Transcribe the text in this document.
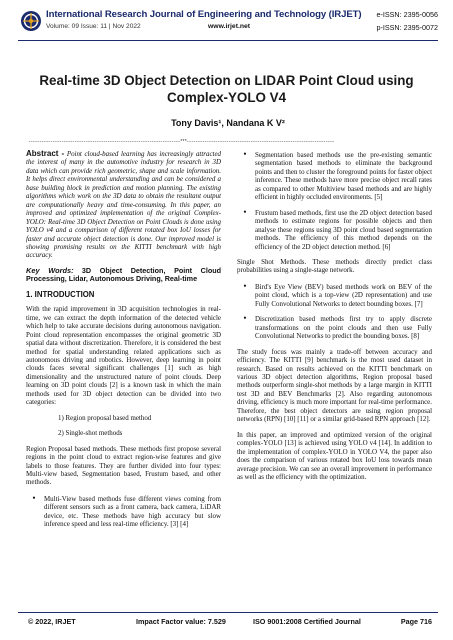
International Research Journal of Engineering and Technology (IRJET) e-ISSN: 2395-0056
Volume: 09 Issue: 11 | Nov 2022	www.irjet.net	p-ISSN: 2395-0072
Real-time 3D Object Detection on LIDAR Point Cloud using Complex-YOLO V4
Tony Davis¹, Nandana K V²
---------------------------------------------------------------------***-------------------------------------------------------------------

Abstract - Point cloud-based learning has increasingly attracted the interest of many in the automotive industry for research in 3D data which can provide rich geometric, shape and scale information. It helps direct environmental understanding and can be considered a base building block in prediction and motion planning. The existing algorithms which work on the 3D data to obtain the resultant output are computationally heavy and time-consuming. In this paper, an improved and optimized implementation of the original Complex-YOLO: Real-time 3D Object Detection on Point Clouds is done using YOLO v4 and a comparison of different rotated box IoU losses for faster and accurate object detection is done. Our improved model is showing promising results on the KITTI benchmark with high accuracy.

Key Words: 3D Object Detection, Point Cloud Processing, Lidar, Autonomous Driving, Real-time

1. INTRODUCTION

With the rapid improvement in 3D acquisition technologies in real-time, we can extract the depth information of the detected vehicle which help to take accurate decisions during autonomous navigation. Point cloud representation encompasses the original geometric 3D spatial data without discretization. Therefore, it is considered the best method for spatial understanding related applications such as autonomous driving and robotics. However, deep learning in point clouds faces several significant challenges [1] such as high dimensionality and the unstructured nature of point clouds. Deep learning on 3D point clouds [2] is a known task in which the main methods used for 3D object detection can be divided into two categories:

1) Region proposal based method
2) Single-shot methods

Region Proposal based methods. These methods first propose several regions in the point cloud to extract region-wise features and give labels to those features. They are further divided into four types: Multi-view based, Segmentation based, Frustum based, and other methods.

• Multi-View based methods fuse different views coming from different sensors such as a front camera, back camera, LiDAR device, etc. These methods have high accuracy but slow inference speed and less real-time efficiency. [3] [4]
• Segmentation based methods use the pre-existing semantic segmentation based methods to eliminate the background points and then to cluster the foreground points for faster object inference. These methods have more precise object recall rates as compared to other Multiview based methods and are highly efficient in highly occluded environments. [5]
• Frustum based methods, first use the 2D object detection based methods to estimate regions for possible objects and then analyse these regions using 3D point cloud based segmentation methods. The efficiency of this method depends on the efficiency of the 2D object detection method. [6]

Single Shot Methods. These methods directly predict class probabilities using a single-stage network.

• Bird's Eye View (BEV) based methods work on BEV of the point cloud, which is a top-view (2D representation) and use Fully Convolutional Networks to detect bounding boxes. [7]
• Discretization based methods first try to apply discrete transformations on the point clouds and then use Fully Convolutional Networks to predict the bounding boxes. [8]

The study focus was mainly a trade-off between accuracy and efficiency. The KITTI [9] benchmark is the most used dataset in research. Based on results achieved on the KITTI benchmark on various 3D object detection algorithms, Region proposal based methods outperform single-shot methods by a large margin in KITTI test 3D and BEV Benchmarks [2]. Also regarding autonomous driving, efficiency is much more important for real-time performance. Therefore, the best object detectors are using region proposal networks (RPN) [10] [11] or a similar grid-based RPN approach [12].

In this paper, an improved and optimized version of the original complex-YOLO [13] is achieved using YOLO v4 [14]. In addition to the implementation of complex-YOLO in YOLO V4, the paper also does the comparison of various rotated box IoU loss towards mean average precision. We can see an overall improvement in performance as well as the efficiency with the optimization.

© 2022, IRJET	Impact Factor value: 7.529	ISO 9001:2008 Certified Journal	Page 716
